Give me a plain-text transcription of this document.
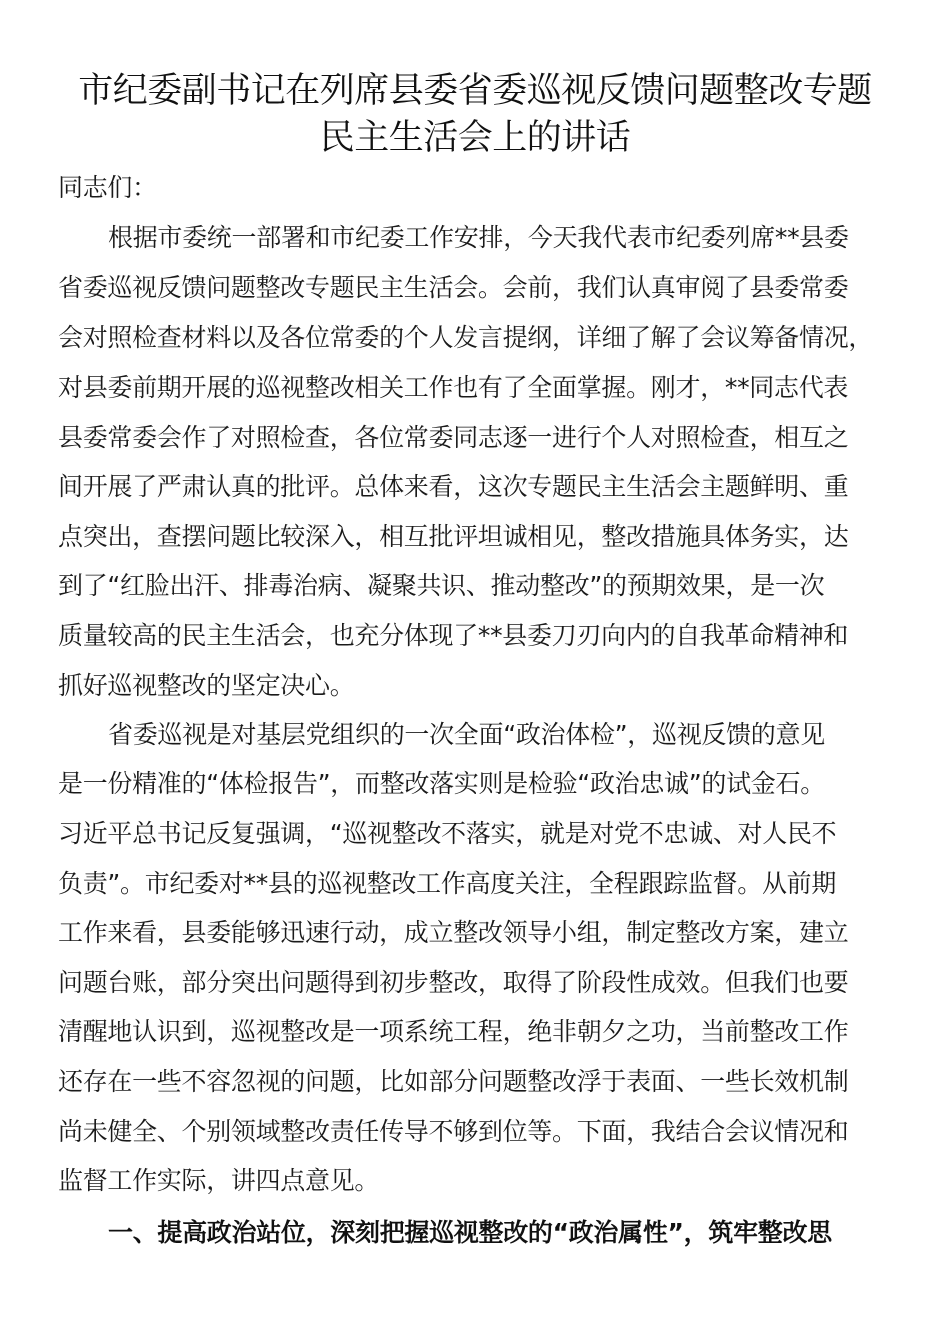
市纪委副书记在列席县委省委巡视反馈问题整改专题
民主生活会上的讲话
同志们：
根据市委统一部署和市纪委工作安排，今天我代表市纪委列席**县委
省委巡视反馈问题整改专题民主生活会。会前，我们认真审阅了县委常委
会对照检查材料以及各位常委的个人发言提纲，详细了解了会议筹备情况，
对县委前期开展的巡视整改相关工作也有了全面掌握。刚才，**同志代表
县委常委会作了对照检查，各位常委同志逐一进行个人对照检查，相互之
间开展了严肃认真的批评。总体来看，这次专题民主生活会主题鲜明、重
点突出，查摆问题比较深入，相互批评坦诚相见，整改措施具体务实，达
到了“红脸出汗、排毒治病、凝聚共识、推动整改”的预期效果，是一次
质量较高的民主生活会，也充分体现了**县委刀刃向内的自我革命精神和
抓好巡视整改的坚定决心。
省委巡视是对基层党组织的一次全面“政治体检”，巡视反馈的意见
是一份精准的“体检报告”，而整改落实则是检验“政治忠诚”的试金石。
习近平总书记反复强调，“巡视整改不落实，就是对党不忠诚、对人民不
负责”。市纪委对**县的巡视整改工作高度关注，全程跟踪监督。从前期
工作来看，县委能够迅速行动，成立整改领导小组，制定整改方案，建立
问题台账，部分突出问题得到初步整改，取得了阶段性成效。但我们也要
清醒地认识到，巡视整改是一项系统工程，绝非朝夕之功，当前整改工作
还存在一些不容忽视的问题，比如部分问题整改浮于表面、一些长效机制
尚未健全、个别领域整改责任传导不够到位等。下面，我结合会议情况和
监督工作实际，讲四点意见。
一、提高政治站位，深刻把握巡视整改的“政治属性”，筑牢整改思
